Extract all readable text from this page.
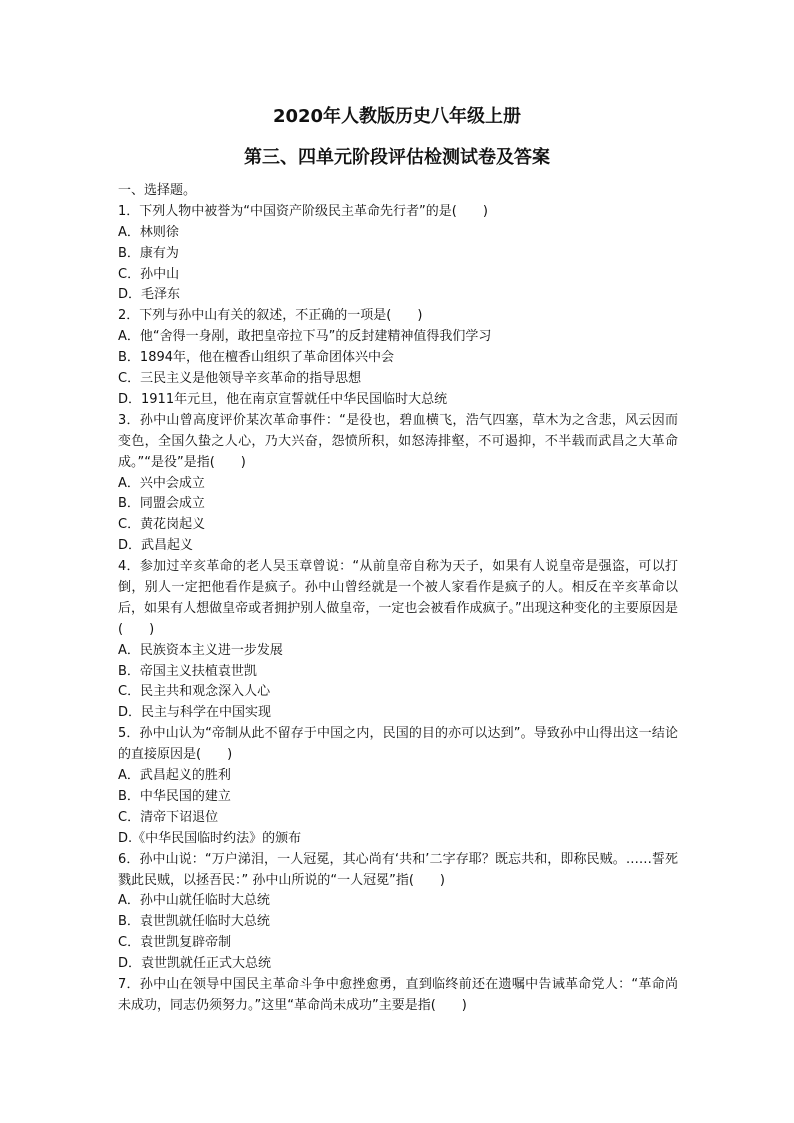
2020年人教版历史八年级上册
第三、四单元阶段评估检测试卷及答案
一、选择题。
1．下列人物中被誉为“中国资产阶级民主革命先行者”的是(　　)
A．林则徐
B．康有为
C．孙中山
D．毛泽东
2．下列与孙中山有关的叙述，不正确的一项是(　　)
A．他“舍得一身剐，敢把皇帝拉下马”的反封建精神值得我们学习
B．1894年，他在檀香山组织了革命团体兴中会
C．三民主义是他领导辛亥革命的指导思想
D．1911年元旦，他在南京宣誓就任中华民国临时大总统

3．孙中山曾高度评价某次革命事件：“是役也，碧血横飞，浩气四塞，草木为之含悲，风云因而变色，全国久蛰之人心，乃大兴奋，怨愤所积，如怒涛排壑，不可遏抑，不半载而武昌之大革命成。”“是役”是指(　　)

A．兴中会成立
B．同盟会成立
C．黄花岗起义
D．武昌起义

4．参加过辛亥革命的老人吴玉章曾说：“从前皇帝自称为天子，如果有人说皇帝是强盗，可以打倒，别人一定把他看作是疯子。孙中山曾经就是一个被人家看作是疯子的人。相反在辛亥革命以后，如果有人想做皇帝或者拥护别人做皇帝，一定也会被看作成疯子。”出现这种变化的主要原因是(　　)

A．民族资本主义进一步发展
B．帝国主义扶植袁世凯
C．民主共和观念深入人心
D．民主与科学在中国实现

5．孙中山认为“帝制从此不留存于中国之内，民国的目的亦可以达到”。导致孙中山得出这一结论的直接原因是(　　)

A．武昌起义的胜利
B．中华民国的建立
C．清帝下诏退位
D.《中华民国临时约法》的颁布

6．孙中山说：“万户涕泪，一人冠冕，其心尚有‘共和’二字存耶？既忘共和，即称民贼。……誓死戮此民贼，以拯吾民：” 孙中山所说的“一人冠冕”指(　　)

A．孙中山就任临时大总统
B．袁世凯就任临时大总统
C．袁世凯复辟帝制
D．袁世凯就任正式大总统

7．孙中山在领导中国民主革命斗争中愈挫愈勇，直到临终前还在遗嘱中告诫革命党人：“革命尚未成功，同志仍须努力。”这里“革命尚未成功”主要是指(　　)
